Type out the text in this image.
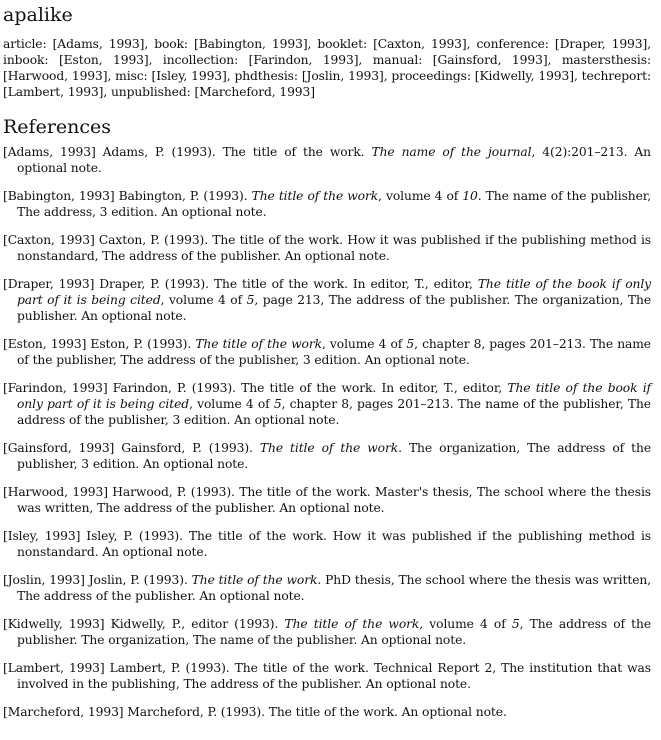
apalike

article: [Adams, 1993], book: [Babington, 1993], booklet: [Caxton, 1993], conference: [Draper, 1993], inbook: [Eston, 1993], incollection: [Farindon, 1993], manual: [Gainsford, 1993], mastersthesis: [Harwood, 1993], misc: [Isley, 1993], phdthesis: [Joslin, 1993], proceedings: [Kidwelly, 1993], techreport: [Lambert, 1993], unpublished: [Marcheford, 1993]

References
[Adams, 1993] Adams, P. (1993). The title of the work. The name of the journal, 4(2):201–213. An optional note.
[Babington, 1993] Babington, P. (1993). The title of the work, volume 4 of 10. The name of the publisher, The address, 3 edition. An optional note.
[Caxton, 1993] Caxton, P. (1993). The title of the work. How it was published if the publishing method is nonstandard, The address of the publisher. An optional note.
[Draper, 1993] Draper, P. (1993). The title of the work. In editor, T., editor, The title of the book if only part of it is being cited, volume 4 of 5, page 213, The address of the publisher. The organization, The publisher. An optional note.
[Eston, 1993] Eston, P. (1993). The title of the work, volume 4 of 5, chapter 8, pages 201–213. The name of the publisher, The address of the publisher, 3 edition. An optional note.
[Farindon, 1993] Farindon, P. (1993). The title of the work. In editor, T., editor, The title of the book if only part of it is being cited, volume 4 of 5, chapter 8, pages 201–213. The name of the publisher, The address of the publisher, 3 edition. An optional note.
[Gainsford, 1993] Gainsford, P. (1993). The title of the work. The organization, The address of the publisher, 3 edition. An optional note.
[Harwood, 1993] Harwood, P. (1993). The title of the work. Master's thesis, The school where the thesis was written, The address of the publisher. An optional note.
[Isley, 1993] Isley, P. (1993). The title of the work. How it was published if the publishing method is nonstandard. An optional note.
[Joslin, 1993] Joslin, P. (1993). The title of the work. PhD thesis, The school where the thesis was written, The address of the publisher. An optional note.
[Kidwelly, 1993] Kidwelly, P., editor (1993). The title of the work, volume 4 of 5, The address of the publisher. The organization, The name of the publisher. An optional note.
[Lambert, 1993] Lambert, P. (1993). The title of the work. Technical Report 2, The institution that was involved in the publishing, The address of the publisher. An optional note.
[Marcheford, 1993] Marcheford, P. (1993). The title of the work. An optional note.
